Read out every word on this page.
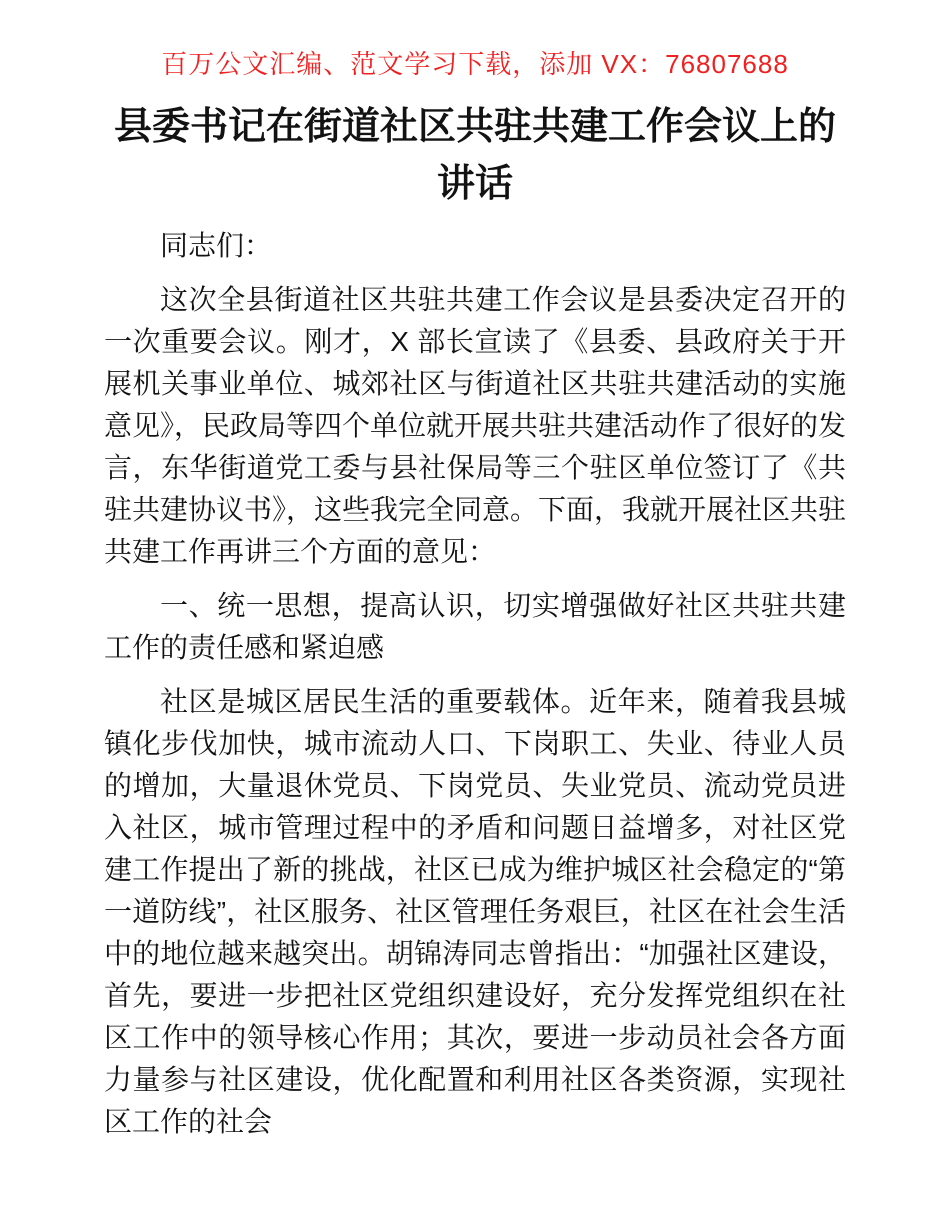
百万公文汇编、范文学习下载，添加 VX：76807688
县委书记在街道社区共驻共建工作会议上的讲话

同志们：

这次全县街道社区共驻共建工作会议是县委决定召开的一次重要会议。刚才，X 部长宣读了《县委、县政府关于开展机关事业单位、城郊社区与街道社区共驻共建活动的实施意见》，民政局等四个单位就开展共驻共建活动作了很好的发言，东华街道党工委与县社保局等三个驻区单位签订了《共驻共建协议书》，这些我完全同意。下面，我就开展社区共驻共建工作再讲三个方面的意见：

一、统一思想，提高认识，切实增强做好社区共驻共建工作的责任感和紧迫感

社区是城区居民生活的重要载体。近年来，随着我县城镇化步伐加快，城市流动人口、下岗职工、失业、待业人员的增加，大量退休党员、下岗党员、失业党员、流动党员进入社区，城市管理过程中的矛盾和问题日益增多，对社区党建工作提出了新的挑战，社区已成为维护城区社会稳定的“第一道防线”，社区服务、社区管理任务艰巨，社区在社会生活中的地位越来越突出。胡锦涛同志曾指出：“加强社区建设，首先，要进一步把社区党组织建设好，充分发挥党组织在社区工作中的领导核心作用；其次，要进一步动员社会各方面力量参与社区建设，优化配置和利用社区各类资源，实现社区工作的社会
